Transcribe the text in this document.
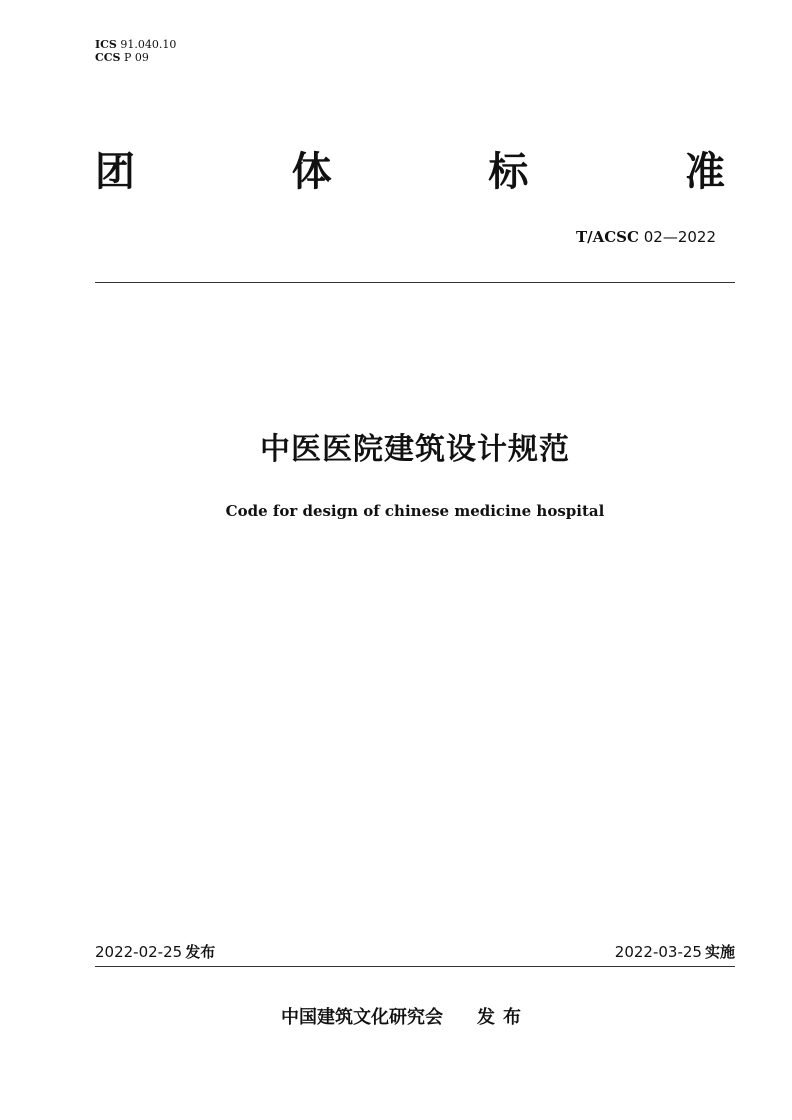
ICS 91.040.10
CCS P 09
团	体	标	准
T/ACSC 02—2022
中医医院建筑设计规范
Code for design of chinese medicine hospital
2022-02-25 发布	2022-03-25 实施
中国建筑文化研究会 发布
